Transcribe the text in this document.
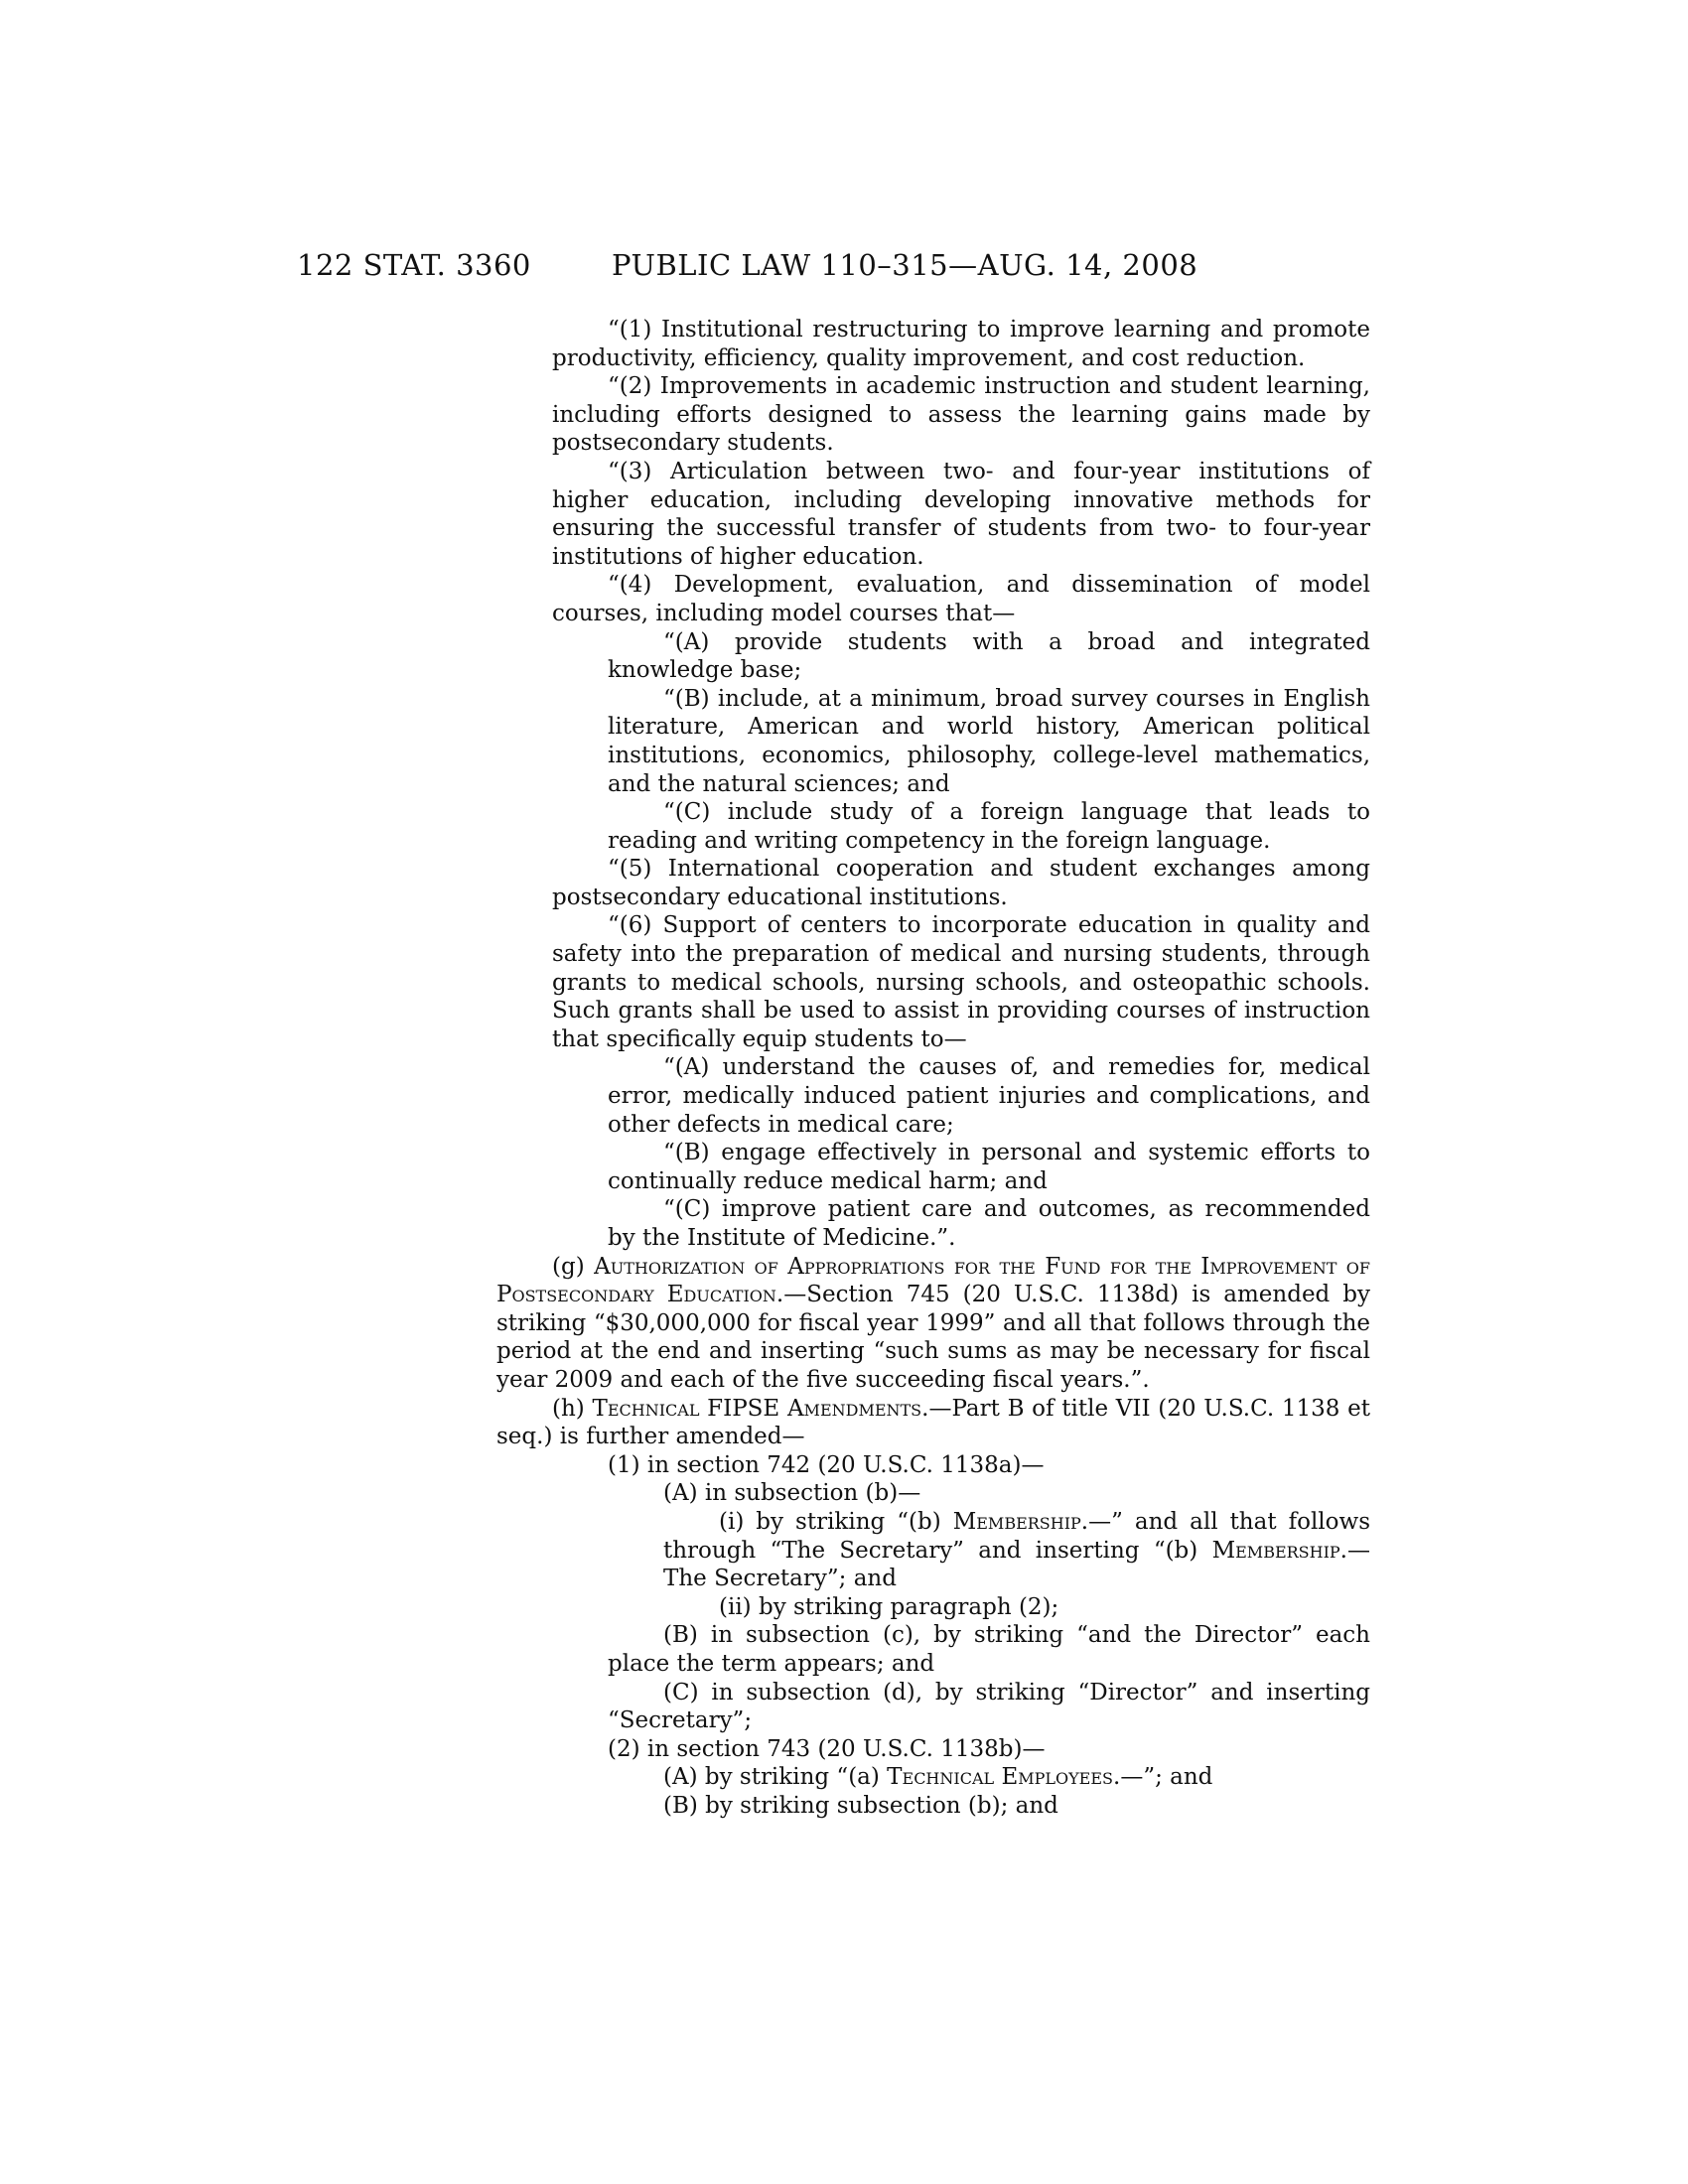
122 STAT. 3360	PUBLIC LAW 110–315—AUG. 14, 2008

“(1) Institutional restructuring to improve learning and promote productivity, efficiency, quality improvement, and cost reduction.

“(2) Improvements in academic instruction and student learning, including efforts designed to assess the learning gains made by postsecondary students.

“(3) Articulation between two- and four-year institutions of higher education, including developing innovative methods for ensuring the successful transfer of students from two- to four-year institutions of higher education.

“(4) Development, evaluation, and dissemination of model courses, including model courses that—

“(A) provide students with a broad and integrated knowledge base;

“(B) include, at a minimum, broad survey courses in English literature, American and world history, American political institutions, economics, philosophy, college-level mathematics, and the natural sciences; and

“(C) include study of a foreign language that leads to reading and writing competency in the foreign language.

“(5) International cooperation and student exchanges among postsecondary educational institutions.

“(6) Support of centers to incorporate education in quality and safety into the preparation of medical and nursing students, through grants to medical schools, nursing schools, and osteopathic schools. Such grants shall be used to assist in providing courses of instruction that specifically equip students to—

“(A) understand the causes of, and remedies for, medical error, medically induced patient injuries and complications, and other defects in medical care;

“(B) engage effectively in personal and systemic efforts to continually reduce medical harm; and

“(C) improve patient care and outcomes, as recommended by the Institute of Medicine.”.

(g) Authorization of Appropriations for the Fund for the Improvement of Postsecondary Education.—Section 745 (20 U.S.C. 1138d) is amended by striking “$30,000,000 for fiscal year 1999” and all that follows through the period at the end and inserting “such sums as may be necessary for fiscal year 2009 and each of the five succeeding fiscal years.”.

(h) Technical FIPSE Amendments.—Part B of title VII (20 U.S.C. 1138 et seq.) is further amended—

(1) in section 742 (20 U.S.C. 1138a)—

(A) in subsection (b)—

(i) by striking “(b) Membership.—” and all that follows through “The Secretary” and inserting “(b) Membership.—The Secretary”; and

(ii) by striking paragraph (2);

(B) in subsection (c), by striking “and the Director” each place the term appears; and

(C) in subsection (d), by striking “Director” and inserting “Secretary”;

(2) in section 743 (20 U.S.C. 1138b)—

(A) by striking “(a) Technical Employees.—”; and

(B) by striking subsection (b); and
